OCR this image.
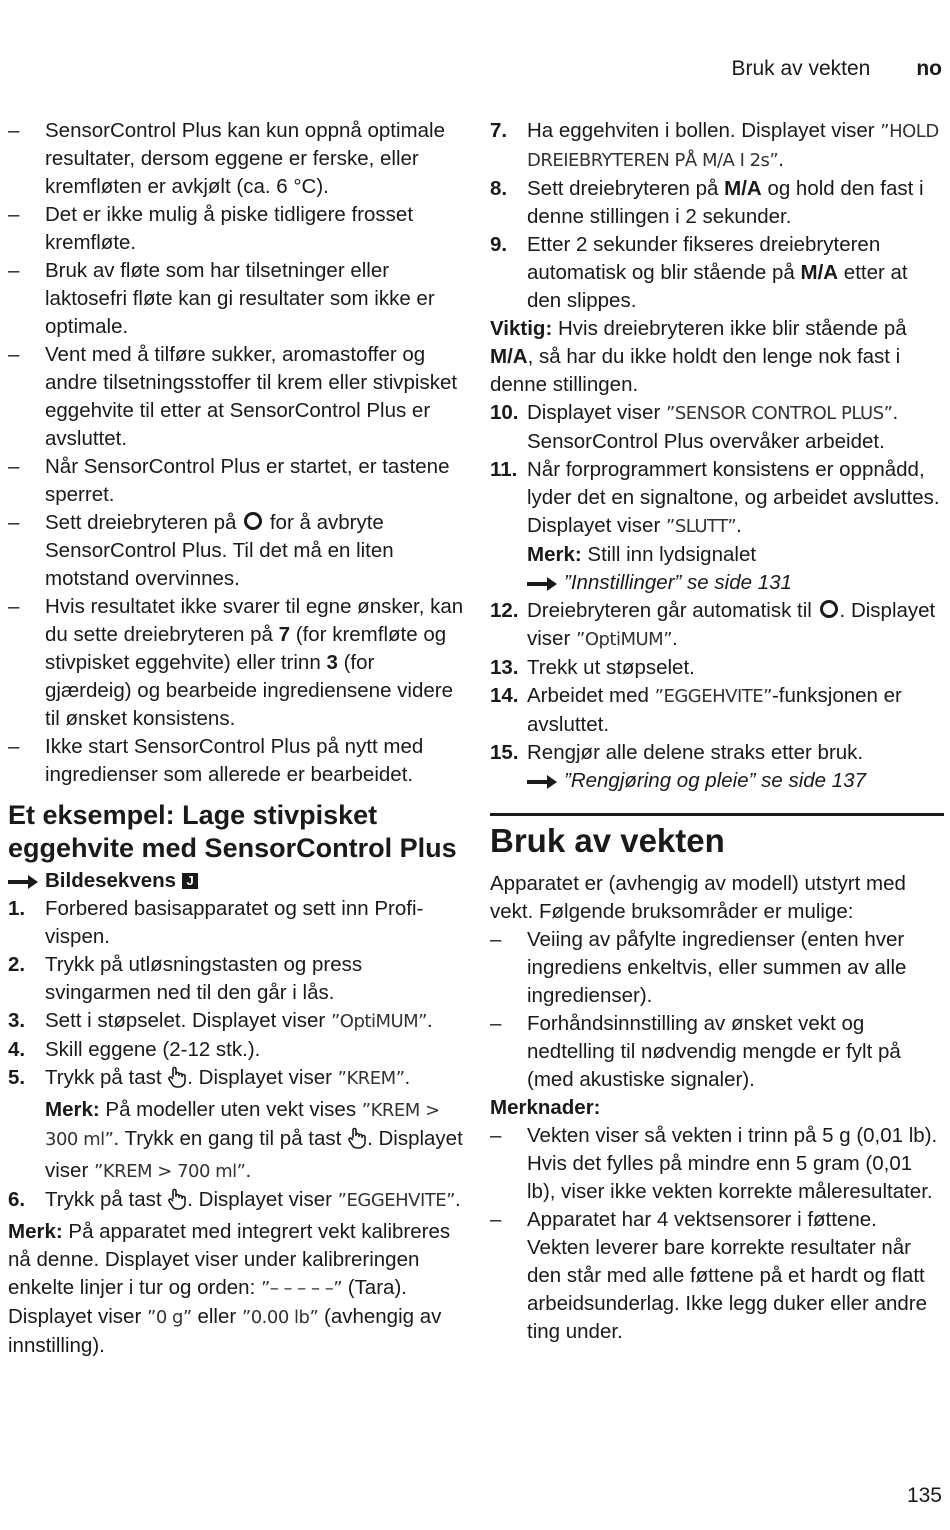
Bruk av vekten no
–	SensorControl Plus kan kun oppnå optimale resultater, dersom eggene er ferske, eller kremfløten er avkjølt (ca. 6 °C).
–	Det er ikke mulig å piske tidligere frosset kremfløte.
–	Bruk av fløte som har tilsetninger eller laktosefri fløte kan gi resultater som ikke er optimale.
–	Vent med å tilføre sukker, aromastoffer og andre tilsetningsstoffer til krem eller stivpisket eggehvite til etter at SensorControl Plus er avsluttet.
–	Når SensorControl Plus er startet, er tastene sperret.
–	Sett dreiebryteren på for å avbryte SensorControl Plus. Til det må en liten motstand overvinnes.
–	Hvis resultatet ikke svarer til egne ønsker, kan du sette dreiebryteren på 7 (for kremfløte og stivpisket eggehvite) eller trinn 3 (for gjærdeig) og bearbeide ingrediensene videre til ønsket konsistens.
–	Ikke start SensorControl Plus på nytt med ingredienser som allerede er bearbeidet.
Et eksempel: Lage stivpisket eggehvite med SensorControl Plus
Bildesekvens J
1. Forbered basisapparatet og sett inn Profi-vispen.
2. Trykk på utløsningstasten og press svingarmen ned til den går i lås.
3. Sett i støpselet. Displayet viser ”OptiMUM”.
4. Skill eggene (2-12 stk.).
5. Trykk på tast . Displayet viser ”KREM”.
Merk: På modeller uten vekt vises ”KREM > 300 ml”. Trykk en gang til på tast . Displayet viser ”KREM > 700 ml”.
6. Trykk på tast . Displayet viser ”EGGEHVITE”.
Merk: På apparatet med integrert vekt kalibreres nå denne. Displayet viser under kalibreringen enkelte linjer i tur og orden: ”– – – – –” (Tara). Displayet viser ”0 g” eller ”0.00 lb” (avhengig av innstilling).
7. Ha eggehviten i bollen. Displayet viser ”HOLD DREIEBRYTEREN PÅ M/A I 2s”.
8. Sett dreiebryteren på M/A og hold den fast i denne stillingen i 2 sekunder.
9. Etter 2 sekunder fikseres dreiebryteren automatisk og blir stående på M/A etter at den slippes.
Viktig: Hvis dreiebryteren ikke blir stående på M/A, så har du ikke holdt den lenge nok fast i denne stillingen.
10. Displayet viser ”SENSOR CONTROL PLUS”. SensorControl Plus overvåker arbeidet.
11. Når forprogrammert konsistens er oppnådd, lyder det en signaltone, og arbeidet avsluttes. Displayet viser ”SLUTT”.
Merk: Still inn lydsignalet
”Innstillinger” se side 131
12. Dreiebryteren går automatisk til . Displayet viser ”OptiMUM”.
13. Trekk ut støpselet.
14. Arbeidet med ”EGGEHVITE”-funksjonen er avsluttet.
15. Rengjør alle delene straks etter bruk.
”Rengjøring og pleie” se side 137
Bruk av vekten
Apparatet er (avhengig av modell) utstyrt med vekt. Følgende bruksområder er mulige:
–	Veiing av påfylte ingredienser (enten hver ingrediens enkeltvis, eller summen av alle ingredienser).
–	Forhåndsinnstilling av ønsket vekt og nedtelling til nødvendig mengde er fylt på (med akustiske signaler).
Merknader:
–	Vekten viser så vekten i trinn på 5 g (0,01 lb). Hvis det fylles på mindre enn 5 gram (0,01 lb), viser ikke vekten korrekte måleresultater.
–	Apparatet har 4 vektsensorer i føttene. Vekten leverer bare korrekte resultater når den står med alle føttene på et hardt og flatt arbeidsunderlag. Ikke legg duker eller andre ting under.
135
